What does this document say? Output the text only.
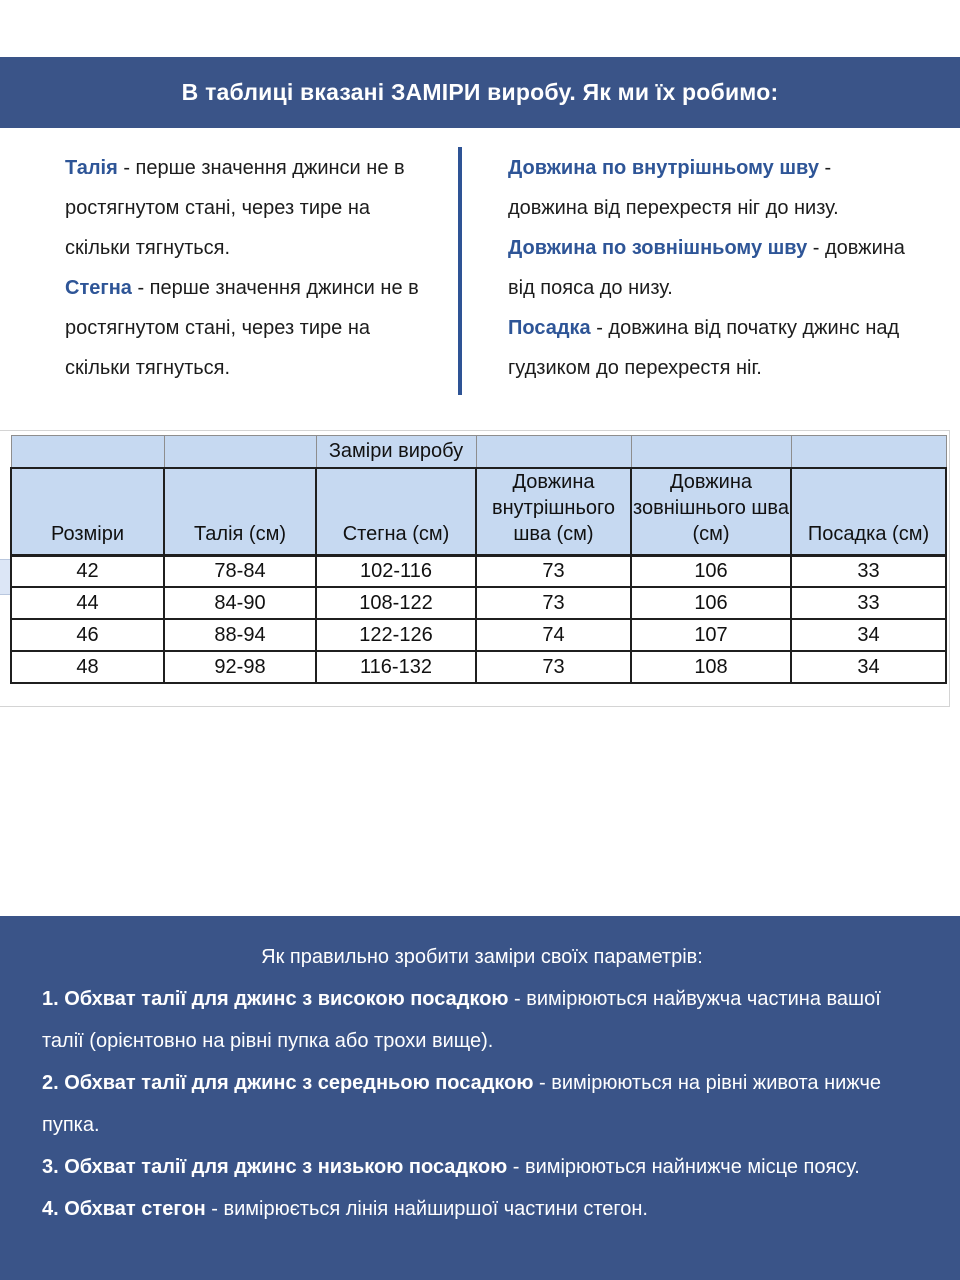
В таблиці вказані ЗАМІРИ виробу. Як ми їх робимо:

Талія - перше значення джинси не в ростягнутом стані, через тире на скільки тягнуться.

Стегна - перше значення джинси не в ростягнутом стані, через тире на скільки тягнуться.

Довжина по внутрішньому шву - довжина від перехрестя ніг до низу.

Довжина по зовнішньому шву - довжина від пояса до низу.

Посадка - довжина від початку джинс над гудзиком до перехрестя ніг.

		Заміри виробу			
Розміри	Талія (см)	Стегна (см)	Довжина внутрішнього шва (см)	Довжина зовнішнього шва (см)	Посадка (см)
42	78-84	102-116	73	106	33
44	84-90	108-122	73	106	33
46	88-94	122-126	74	107	34
48	92-98	116-132	73	108	34

Як правильно зробити заміри своїх параметрів:

1. Обхват талії для джинс з високою посадкою - вимірюються найвужча частина вашої талії (орієнтовно на рівні пупка або трохи вище).

2. Обхват талії для джинс з середньою посадкою - вимірюються на рівні живота нижче пупка.

3. Обхват талії для джинс з низькою посадкою - вимірюються найнижче місце поясу.

4. Обхват стегон - вимірюється лінія найширшої частини стегон.
